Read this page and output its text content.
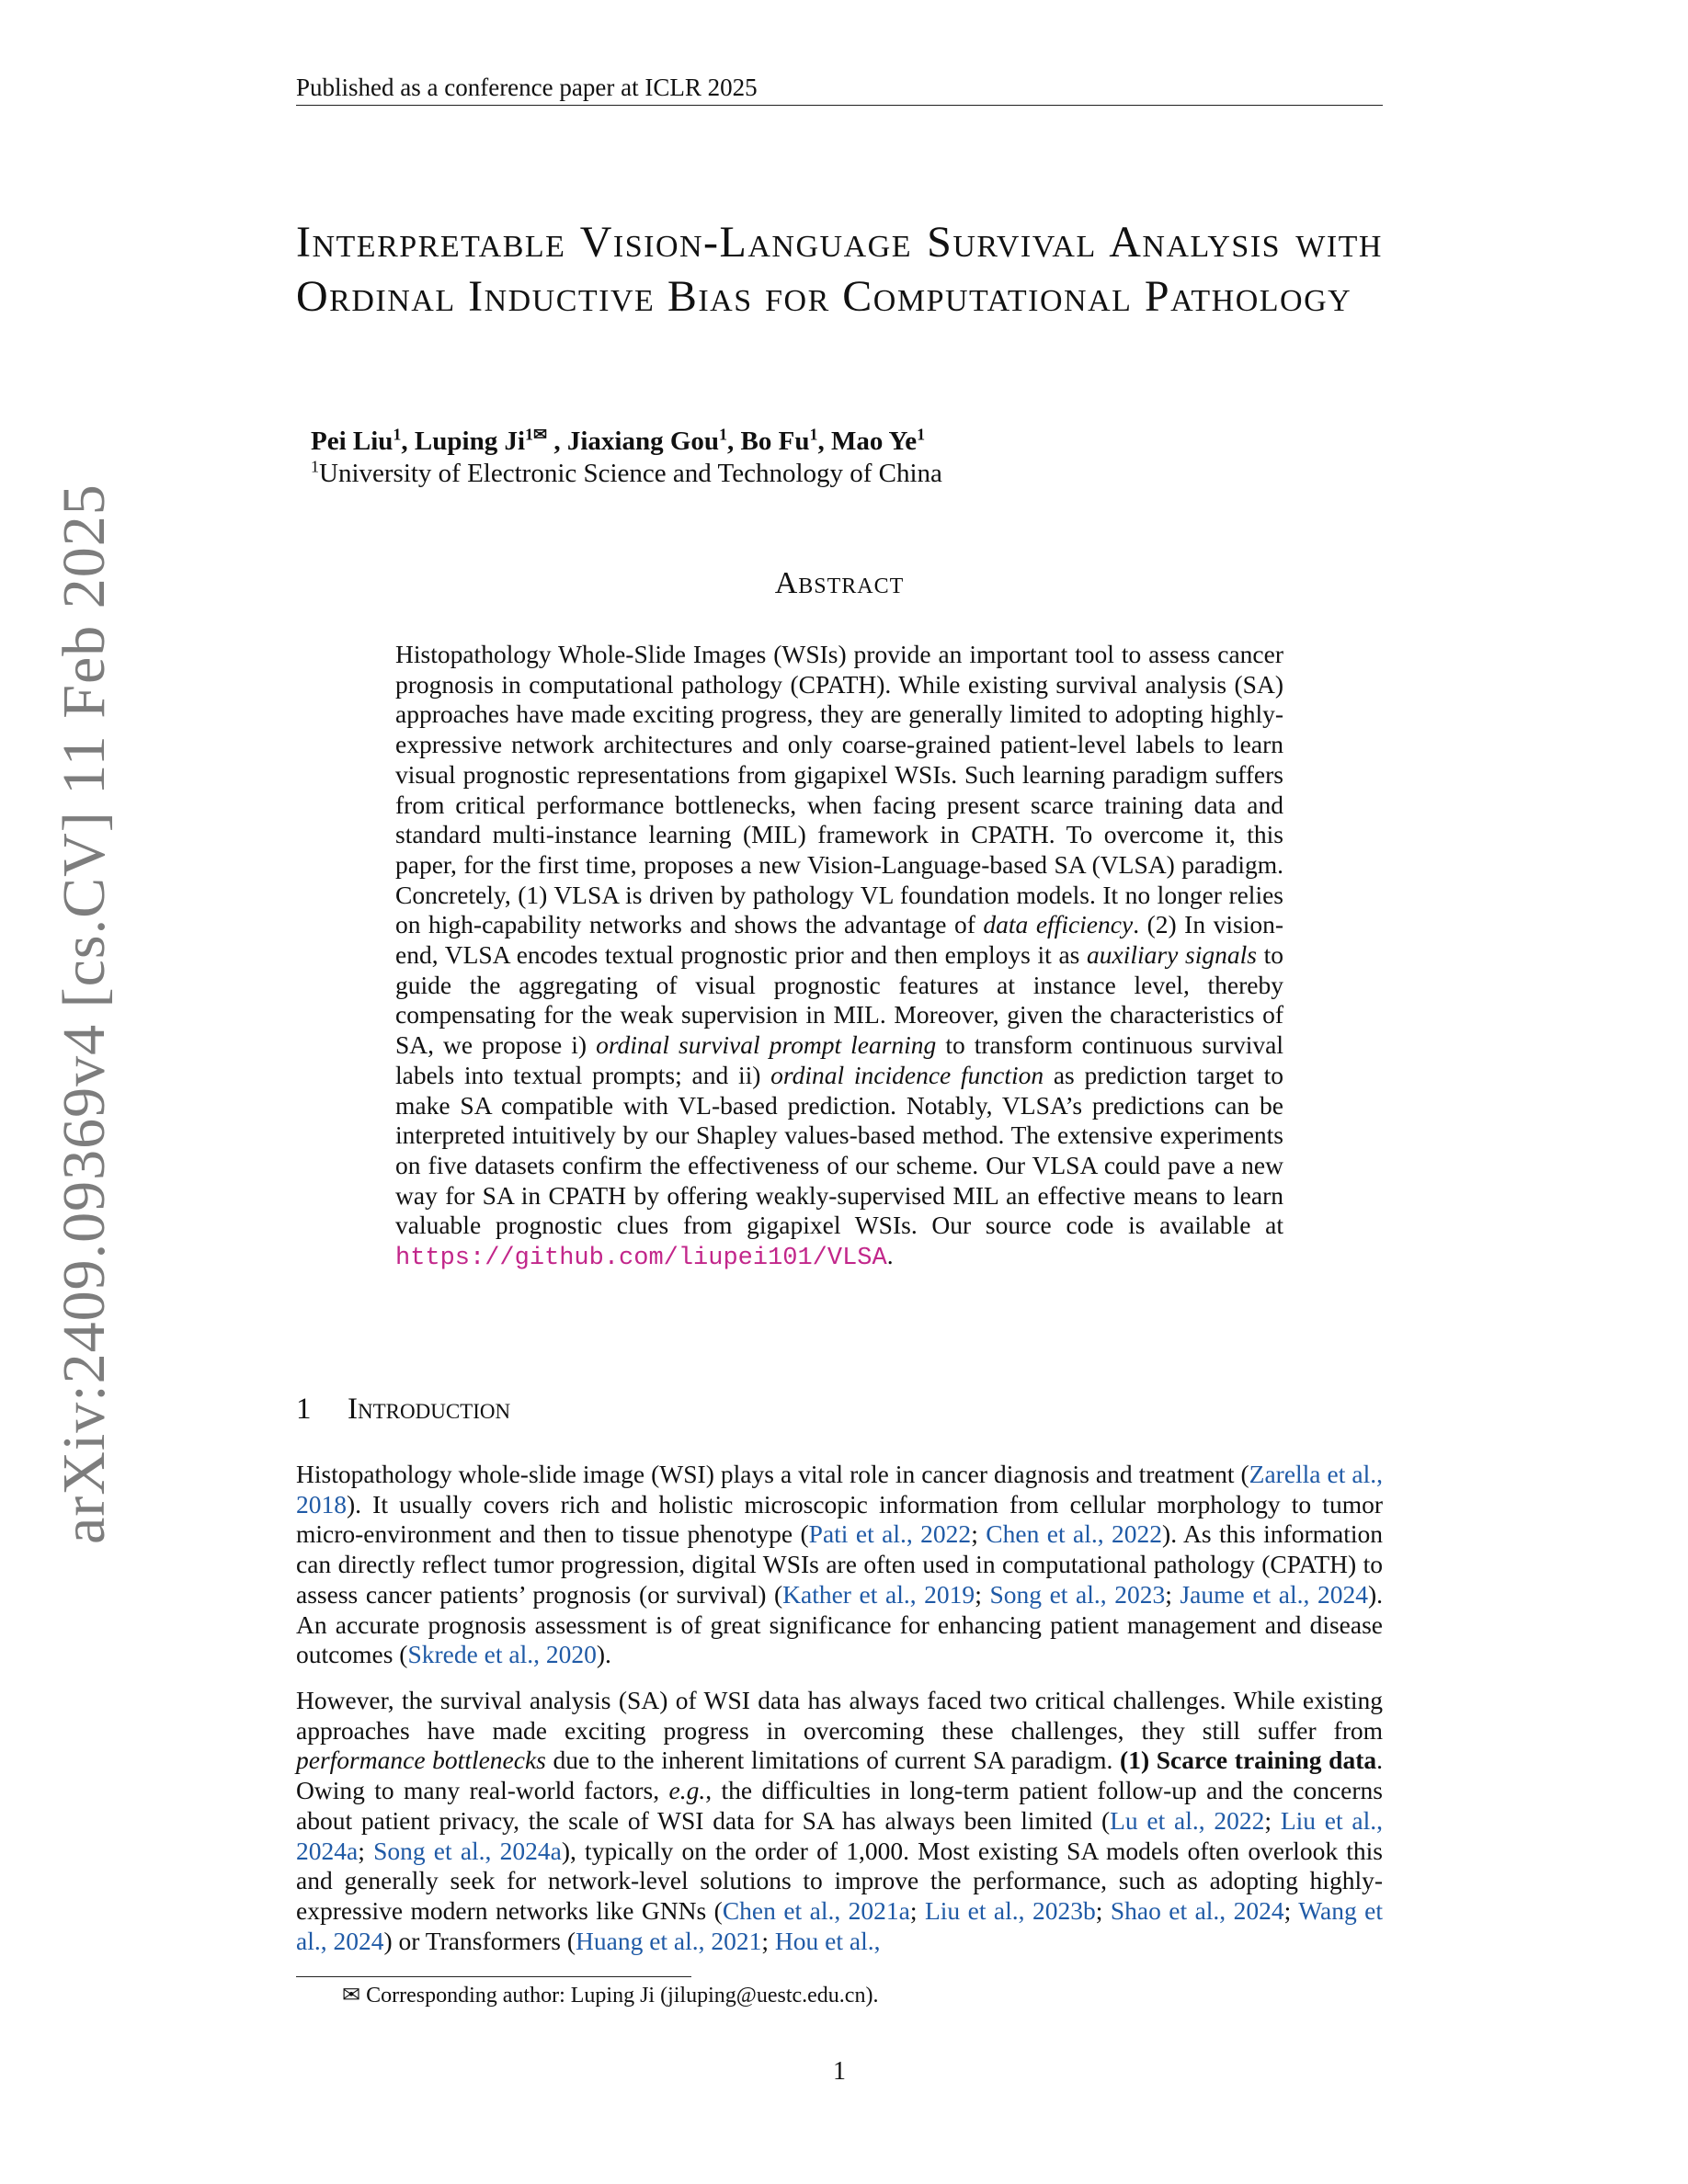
Published as a conference paper at ICLR 2025
arXiv:2409.09369v4 [cs.CV] 11 Feb 2025
Interpretable Vision-Language Survival Analysis with Ordinal Inductive Bias for Computational Pathology
Pei Liu$^1$, Luping $Ji^{1✉}$ , Jiaxiang Gou$^1$, Bo Fu$^1$, Mao Ye$^1$
$^1$University of Electronic Science and Technology of China
Abstract
Histopathology Whole-Slide Images (WSIs) provide an important tool to assess cancer prognosis in computational pathology (CPATH). While existing survival analysis (SA) approaches have made exciting progress, they are generally limited to adopting highly-expressive network architectures and only coarse-grained patient-level labels to learn visual prognostic representations from gigapixel WSIs. Such learning paradigm suffers from critical performance bottlenecks, when facing present scarce training data and standard multi-instance learning (MIL) framework in CPATH. To overcome it, this paper, for the first time, proposes a new Vision-Language-based SA (VLSA) paradigm. Concretely, (1) VLSA is driven by pathology VL foundation models. It no longer relies on high-capability networks and shows the advantage of data efficiency. (2) In vision-end, VLSA encodes textual prognostic prior and then employs it as auxiliary signals to guide the aggregating of visual prognostic features at instance level, thereby compensating for the weak supervision in MIL. Moreover, given the characteristics of SA, we propose i) ordinal survival prompt learning to transform continuous survival labels into textual prompts; and ii) ordinal incidence function as prediction target to make SA compatible with VL-based prediction. Notably, VLSA’s predictions can be interpreted intuitively by our Shapley values-based method. The extensive experiments on five datasets confirm the effectiveness of our scheme. Our VLSA could pave a new way for SA in CPATH by offering weakly-supervised MIL an effective means to learn valuable prognostic clues from gigapixel WSIs. Our source code is available at https://github.com/liupei101/VLSA.
1 Introduction
Histopathology whole-slide image (WSI) plays a vital role in cancer diagnosis and treatment (Zarella et al., 2018). It usually covers rich and holistic microscopic information from cellular morphology to tumor micro-environment and then to tissue phenotype (Pati et al., 2022; Chen et al., 2022). As this information can directly reflect tumor progression, digital WSIs are often used in computational pathology (CPATH) to assess cancer patients’ prognosis (or survival) (Kather et al., 2019; Song et al., 2023; Jaume et al., 2024). An accurate prognosis assessment is of great significance for enhancing patient management and disease outcomes (Skrede et al., 2020).
However, the survival analysis (SA) of WSI data has always faced two critical challenges. While existing approaches have made exciting progress in overcoming these challenges, they still suffer from performance bottlenecks due to the inherent limitations of current SA paradigm. (1) Scarce training data. Owing to many real-world factors, e.g., the difficulties in long-term patient follow-up and the concerns about patient privacy, the scale of WSI data for SA has always been limited (Lu et al., 2022; Liu et al., 2024a; Song et al., 2024a), typically on the order of 1,000. Most existing SA models often overlook this and generally seek for network-level solutions to improve the performance, such as adopting highly-expressive modern networks like GNNs (Chen et al., 2021a; Liu et al., 2023b; Shao et al., 2024; Wang et al., 2024) or Transformers (Huang et al., 2021; Hou et al.,
✉ Corresponding author: Luping Ji (jiluping@uestc.edu.cn).
1
